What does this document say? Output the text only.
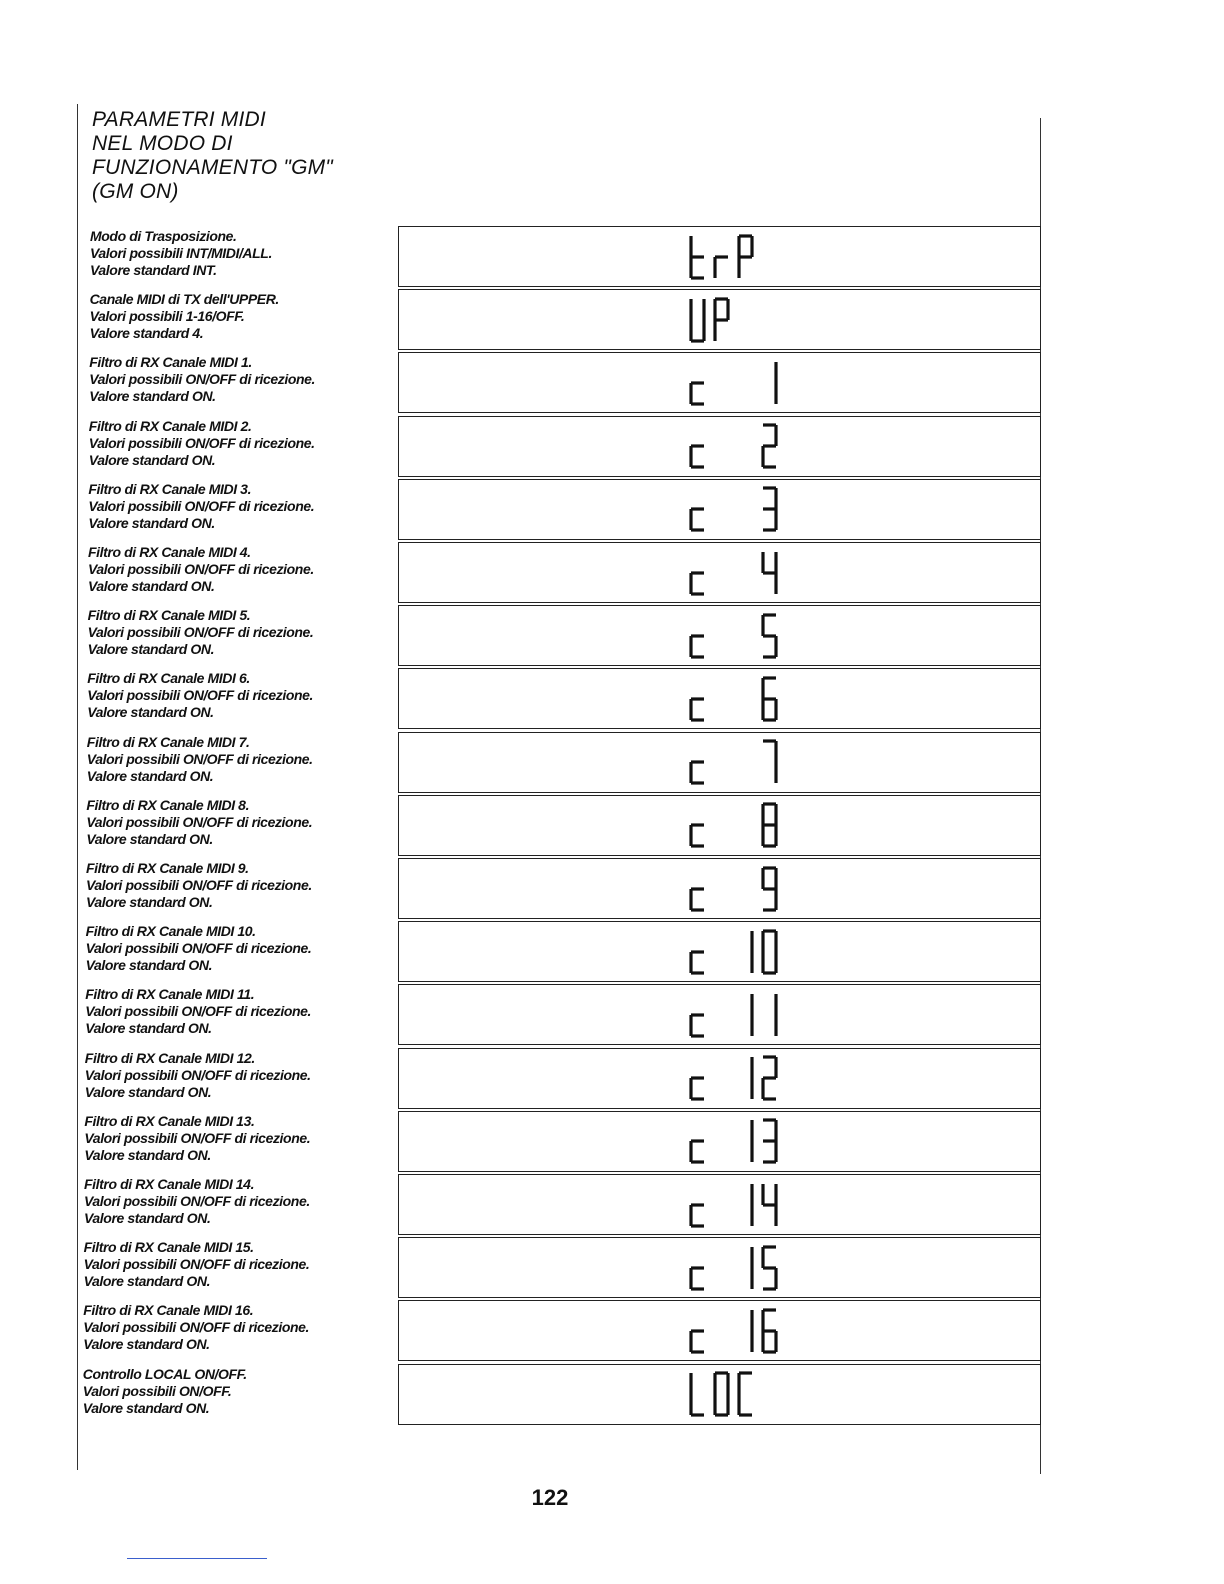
PARAMETRI MIDI
NEL MODO DI
FUNZIONAMENTO "GM"
(GM ON)
Modo di Trasposizione.
Valori possibili INT/MIDI/ALL.
Valore standard INT.
Canale MIDI di TX dell'UPPER.
Valori possibili 1-16/OFF.
Valore standard 4.
Filtro di RX Canale MIDI 1.
Valori possibili ON/OFF di ricezione.
Valore standard ON.
Filtro di RX Canale MIDI 2.
Valori possibili ON/OFF di ricezione.
Valore standard ON.
Filtro di RX Canale MIDI 3.
Valori possibili ON/OFF di ricezione.
Valore standard ON.
Filtro di RX Canale MIDI 4.
Valori possibili ON/OFF di ricezione.
Valore standard ON.
Filtro di RX Canale MIDI 5.
Valori possibili ON/OFF di ricezione.
Valore standard ON.
Filtro di RX Canale MIDI 6.
Valori possibili ON/OFF di ricezione.
Valore standard ON.
Filtro di RX Canale MIDI 7.
Valori possibili ON/OFF di ricezione.
Valore standard ON.
Filtro di RX Canale MIDI 8.
Valori possibili ON/OFF di ricezione.
Valore standard ON.
Filtro di RX Canale MIDI 9.
Valori possibili ON/OFF di ricezione.
Valore standard ON.
Filtro di RX Canale MIDI 10.
Valori possibili ON/OFF di ricezione.
Valore standard ON.
Filtro di RX Canale MIDI 11.
Valori possibili ON/OFF di ricezione.
Valore standard ON.
Filtro di RX Canale MIDI 12.
Valori possibili ON/OFF di ricezione.
Valore standard ON.
Filtro di RX Canale MIDI 13.
Valori possibili ON/OFF di ricezione.
Valore standard ON.
Filtro di RX Canale MIDI 14.
Valori possibili ON/OFF di ricezione.
Valore standard ON.
Filtro di RX Canale MIDI 15.
Valori possibili ON/OFF di ricezione.
Valore standard ON.
Filtro di RX Canale MIDI 16.
Valori possibili ON/OFF di ricezione.
Valore standard ON.
Controllo LOCAL ON/OFF.
Valori possibili ON/OFF.
Valore standard ON.
122
